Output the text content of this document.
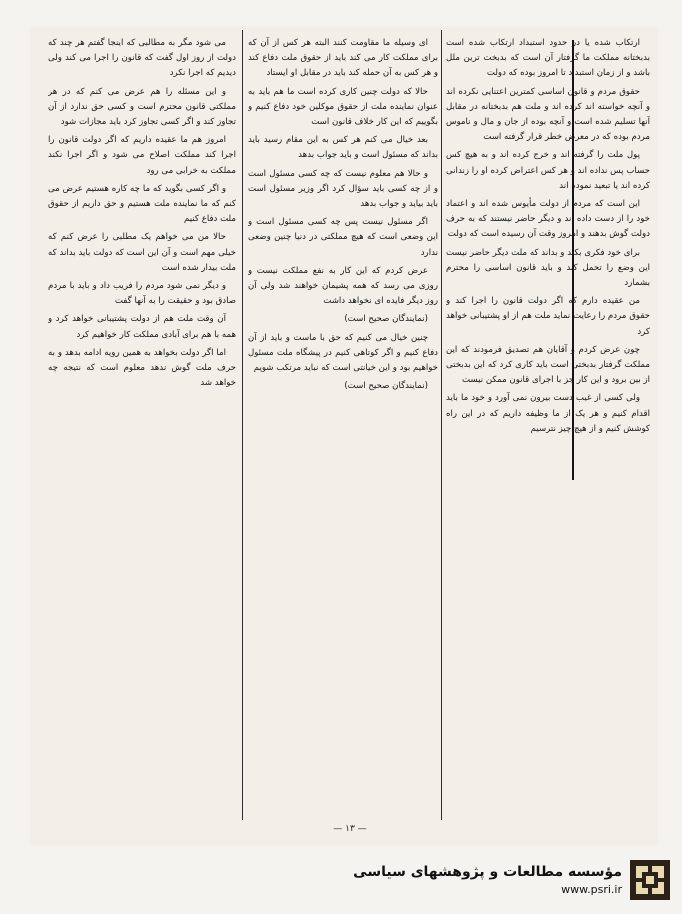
ارتکاب شده یا در حدود استبداد ارتکاب شده است بدبختانه مملکت ما گرفتار آن است که بدبخت ترین ملل باشد و از زمان استبداد تا امروز بوده که دولت

حقوق مردم و قانون اساسی کمترین اعتنایی نکرده اند و آنچه خواسته اند کرده اند و ملت هم بدبختانه در مقابل آنها تسلیم شده است و آنچه بوده از جان و مال و ناموس مردم بوده که در معرض خطر قرار گرفته است

پول ملت را گرفته اند و خرج کرده اند و به هیچ کس حساب پس نداده اند و هر کس اعتراض کرده او را زندانی کرده اند یا تبعید نموده اند

این است که مردم از دولت مأیوس شده اند و اعتماد خود را از دست داده اند و دیگر حاضر نیستند که به حرف دولت گوش بدهند و امروز وقت آن رسیده است که دولت

برای خود فکری بکند و بداند که ملت دیگر حاضر نیست این وضع را تحمل کند و باید قانون اساسی را محترم بشمارد

من عقیده دارم که اگر دولت قانون را اجرا کند و حقوق مردم را رعایت نماید ملت هم از او پشتیبانی خواهد کرد

چون عرض کردم و آقایان هم تصدیق فرمودند که این مملکت گرفتار بدبختی است باید کاری کرد که این بدبختی از بین برود و این کار جز با اجرای قانون ممکن نیست

ولی کسی از غیب دست بیرون نمی آورد و خود ما باید اقدام کنیم و هر یک از ما وظیفه داریم که در این راه کوشش کنیم و از هیچ چیز نترسیم

ای وسیله ما مقاومت کنند البته هر کس از آن که برای مملکت کار می کند باید از حقوق ملت دفاع کند و هر کس به آن حمله کند باید در مقابل او ایستاد

حالا که دولت چنین کاری کرده است ما هم باید به عنوان نماینده ملت از حقوق موکلین خود دفاع کنیم و بگوییم که این کار خلاف قانون است

بعد خیال می کنم هر کس به این مقام رسید باید بداند که مسئول است و باید جواب بدهد

و حالا هم معلوم نیست که چه کسی مسئول است و از چه کسی باید سؤال کرد اگر وزیر مسئول است باید بیاید و جواب بدهد

اگر مسئول نیست پس چه کسی مسئول است و این وضعی است که هیچ مملکتی در دنیا چنین وضعی ندارد

عرض کردم که این کار به نفع مملکت نیست و روزی می رسد که همه پشیمان خواهند شد ولی آن روز دیگر فایده ای نخواهد داشت

(نمایندگان صحیح است)

چنین خیال می کنیم که حق با ماست و باید از آن دفاع کنیم و اگر کوتاهی کنیم در پیشگاه ملت مسئول خواهیم بود و این خیانتی است که نباید مرتکب شویم

(نمایندگان صحیح است)

می شود مگر به مطالبی که اینجا گفتم هر چند که دولت از روز اول گفت که قانون را اجرا می کند ولی دیدیم که اجرا نکرد

و این مسئله را هم عرض می کنم که در هر مملکتی قانون محترم است و کسی حق ندارد از آن تجاوز کند و اگر کسی تجاوز کرد باید مجازات شود

امروز هم ما عقیده داریم که اگر دولت قانون را اجرا کند مملکت اصلاح می شود و اگر اجرا نکند مملکت به خرابی می رود

و اگر کسی بگوید که ما چه کاره هستیم عرض می کنم که ما نماینده ملت هستیم و حق داریم از حقوق ملت دفاع کنیم

حالا من می خواهم یک مطلبی را عرض کنم که خیلی مهم است و آن این است که دولت باید بداند که ملت بیدار شده است

و دیگر نمی شود مردم را فریب داد و باید با مردم صادق بود و حقیقت را به آنها گفت

آن وقت ملت هم از دولت پشتیبانی خواهد کرد و همه با هم برای آبادی مملکت کار خواهیم کرد

اما اگر دولت بخواهد به همین رویه ادامه بدهد و به حرف ملت گوش ندهد معلوم است که نتیجه چه خواهد شد

— ۱۳ —
مؤسسه مطالعات و پژوهشهای سیاسی
www.psri.ir
